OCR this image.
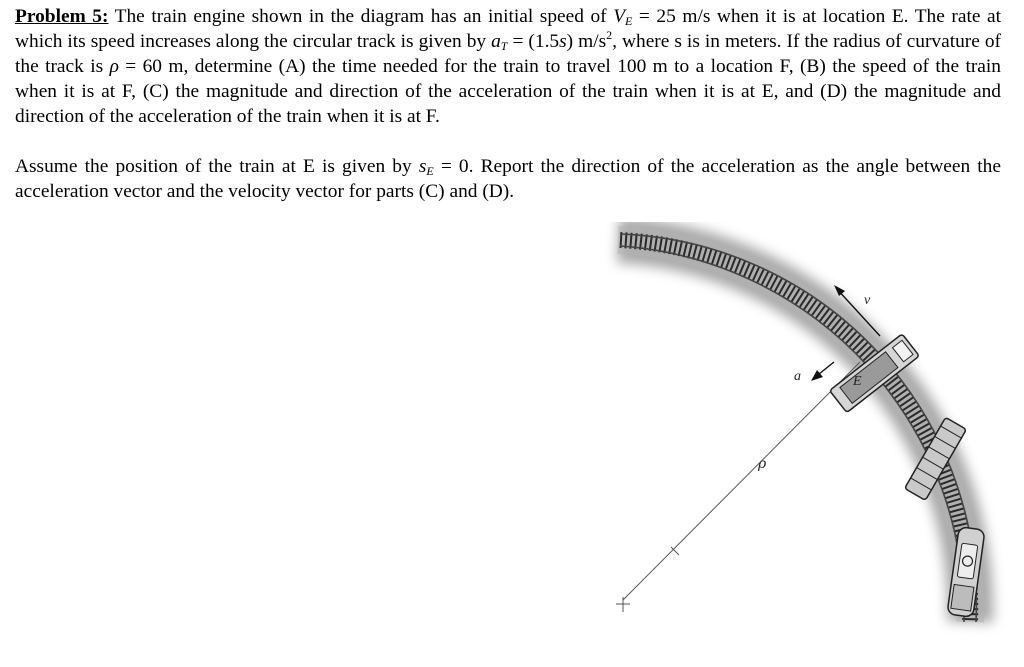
Problem 5: The train engine shown in the diagram has an initial speed of $V_E = 25$ m/s when it is at location E. The rate at which its speed increases along the circular track is given by $a_T = (1.5s)$ $m/s^2$, where s is in meters. If the radius of curvature of the track is ρ = 60 m, determine (A) the time needed for the train to travel 100 m to a location F, (B) the speed of the train when it is at F, (C) the magnitude and direction of the acceleration of the train when it is at E, and (D) the magnitude and direction of the acceleration of the train when it is at F.

Assume the position of the train at E is given by $s_E = 0$. Report the direction of the acceleration as the angle between the acceleration vector and the velocity vector for parts (C) and (D).

v
a	E
ρ
